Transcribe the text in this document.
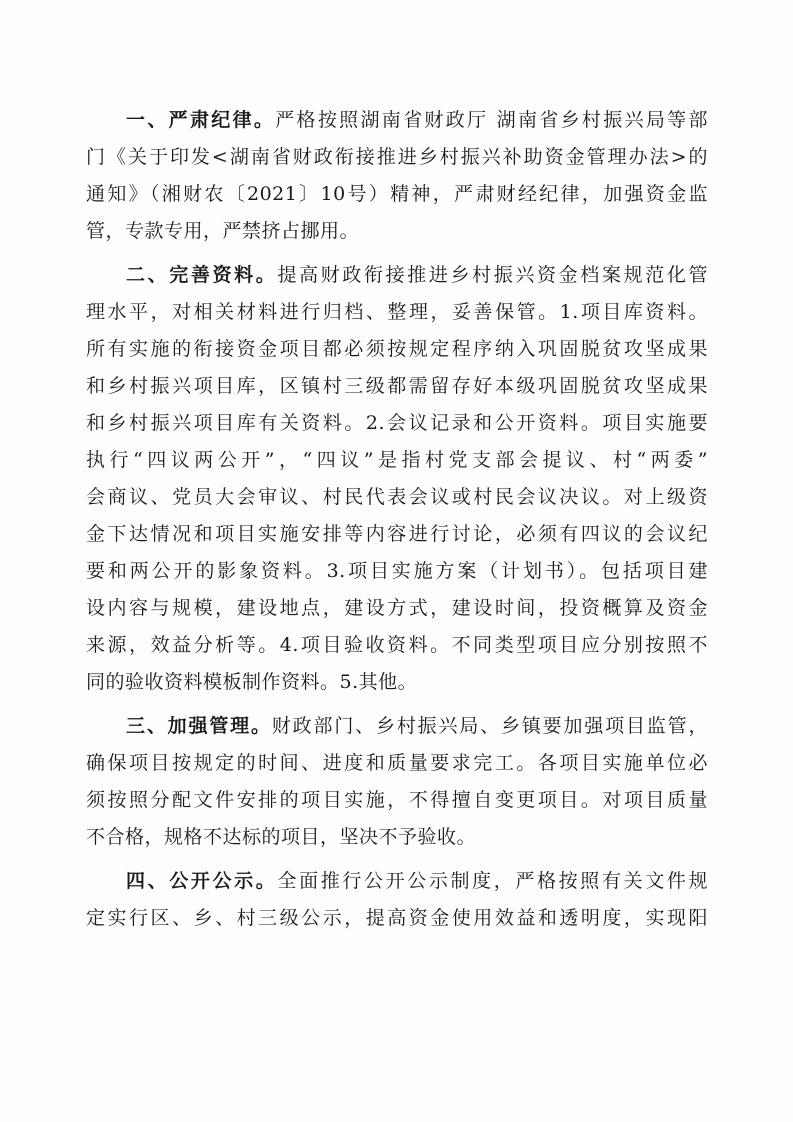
一、严肃纪律。严格按照湖南省财政厅 湖南省乡村振兴局等部
门《关于印发<湖南省财政衔接推进乡村振兴补助资金管理办法>的
通知》（湘财农〔2021〕10号）精神，严肃财经纪律，加强资金监
管，专款专用，严禁挤占挪用。
二、完善资料。提高财政衔接推进乡村振兴资金档案规范化管
理水平，对相关材料进行归档、整理，妥善保管。1.项目库资料。
所有实施的衔接资金项目都必须按规定程序纳入巩固脱贫攻坚成果
和乡村振兴项目库，区镇村三级都需留存好本级巩固脱贫攻坚成果
和乡村振兴项目库有关资料。2.会议记录和公开资料。项目实施要
执行“四议两公开”，“四议”是指村党支部会提议、村“两委”
会商议、党员大会审议、村民代表会议或村民会议决议。对上级资
金下达情况和项目实施安排等内容进行讨论，必须有四议的会议纪
要和两公开的影象资料。3.项目实施方案（计划书）。包括项目建
设内容与规模，建设地点，建设方式，建设时间，投资概算及资金
来源，效益分析等。4.项目验收资料。不同类型项目应分别按照不
同的验收资料模板制作资料。5.其他。
三、加强管理。财政部门、乡村振兴局、乡镇要加强项目监管，
确保项目按规定的时间、进度和质量要求完工。各项目实施单位必
须按照分配文件安排的项目实施，不得擅自变更项目。对项目质量
不合格，规格不达标的项目，坚决不予验收。
四、公开公示。全面推行公开公示制度，严格按照有关文件规
定实行区、乡、村三级公示，提高资金使用效益和透明度，实现阳
